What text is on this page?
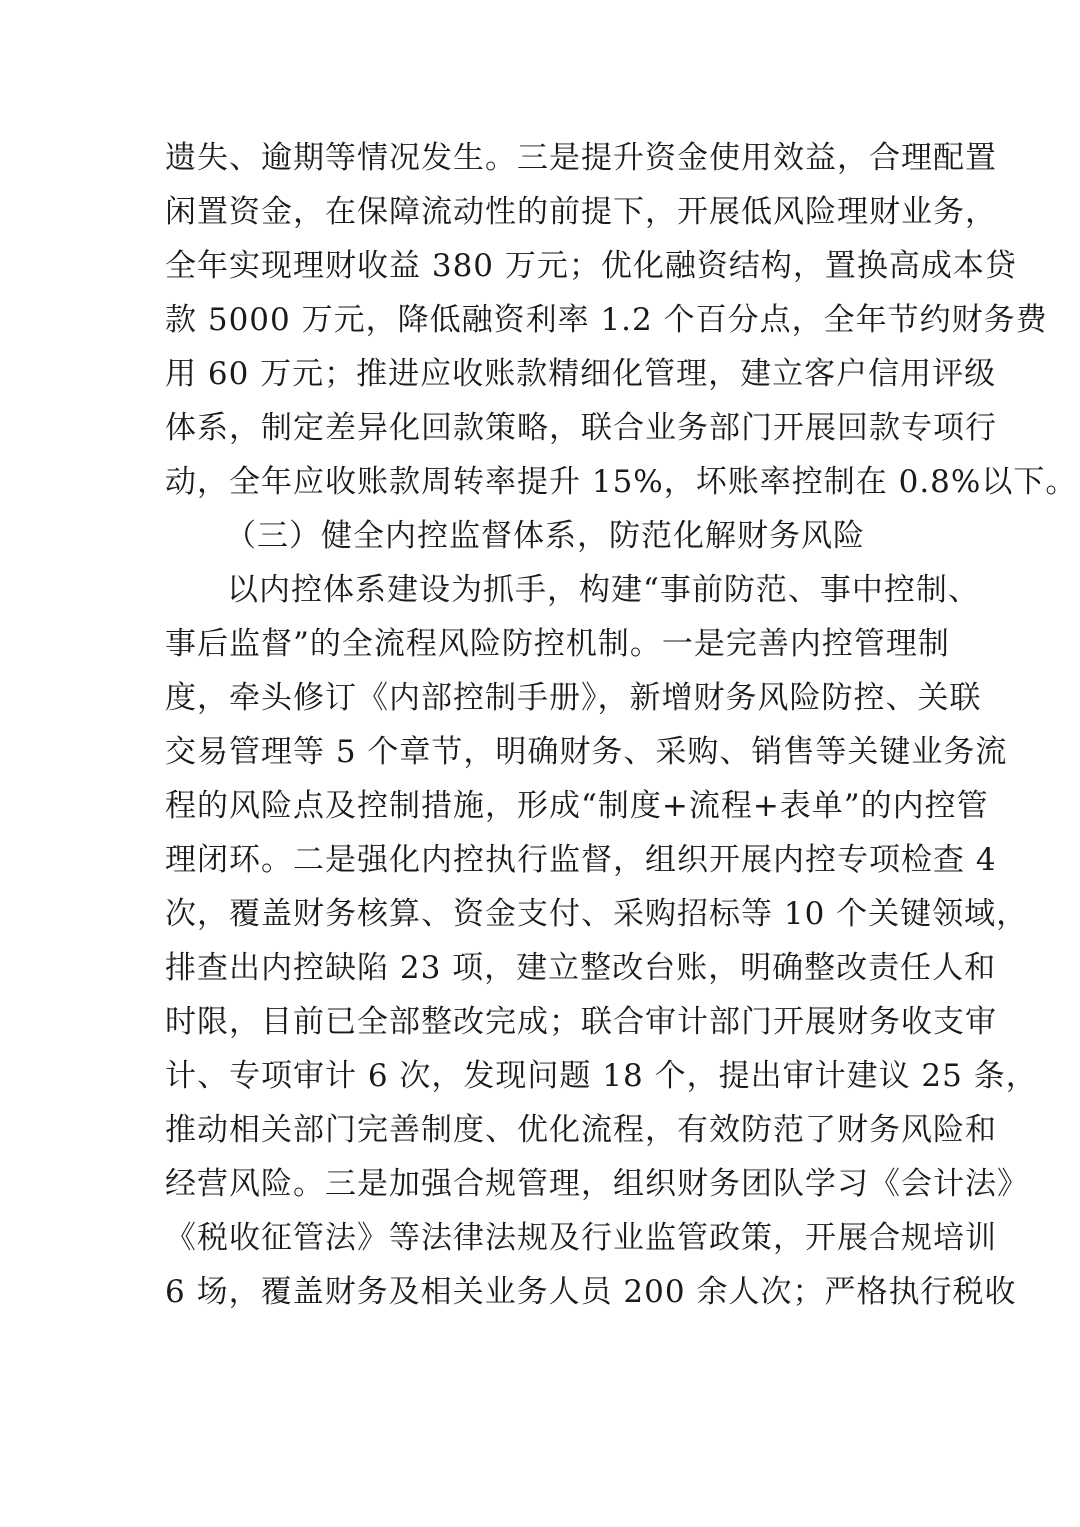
遗失、逾期等情况发生。三是提升资金使用效益，合理配置
闲置资金，在保障流动性的前提下，开展低风险理财业务，
全年实现理财收益 380 万元；优化融资结构，置换高成本贷
款 5000 万元，降低融资利率 1.2 个百分点，全年节约财务费
用 60 万元；推进应收账款精细化管理，建立客户信用评级
体系，制定差异化回款策略，联合业务部门开展回款专项行
动，全年应收账款周转率提升 15%，坏账率控制在 0.8%以下。
（三）健全内控监督体系，防范化解财务风险
以内控体系建设为抓手，构建“事前防范、事中控制、
事后监督”的全流程风险防控机制。一是完善内控管理制
度，牵头修订《内部控制手册》，新增财务风险防控、关联
交易管理等 5 个章节，明确财务、采购、销售等关键业务流
程的风险点及控制措施，形成“制度+流程+表单”的内控管
理闭环。二是强化内控执行监督，组织开展内控专项检查 4
次，覆盖财务核算、资金支付、采购招标等 10 个关键领域，
排查出内控缺陷 23 项，建立整改台账，明确整改责任人和
时限，目前已全部整改完成；联合审计部门开展财务收支审
计、专项审计 6 次，发现问题 18 个，提出审计建议 25 条，
推动相关部门完善制度、优化流程，有效防范了财务风险和
经营风险。三是加强合规管理，组织财务团队学习《会计法》
《税收征管法》等法律法规及行业监管政策，开展合规培训
6 场，覆盖财务及相关业务人员 200 余人次；严格执行税收
